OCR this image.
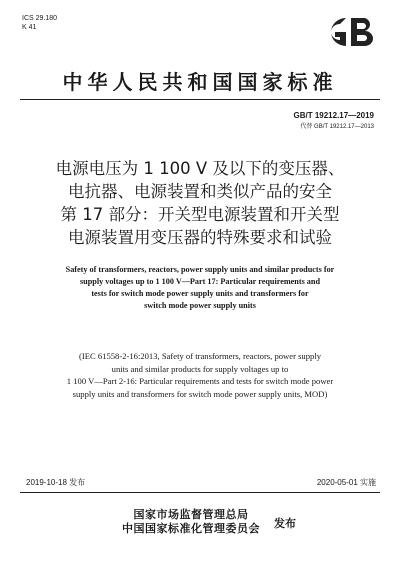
ICS 29.180
K 41
中华人民共和国国家标准
GB/T 19212.17—2019
代替 GB/T 19212.17—2013
电源电压为 1 100 V 及以下的变压器、
电抗器、电源装置和类似产品的安全
第 17 部分：开关型电源装置和开关型
电源装置用变压器的特殊要求和试验
Safety of transformers, reactors, power supply units and similar products for
supply voltages up to 1 100 V—Part 17: Particular requirements and
tests for switch mode power supply units and transformers for
switch mode power supply units
(IEC 61558-2-16:2013, Safety of transformers, reactors, power supply
units and similar products for supply voltages up to
1 100 V—Part 2-16: Particular requirements and tests for switch mode power
supply units and transformers for switch mode power supply units, MOD)
2019-10-18 发布	2020-05-01 实施
国家市场监督管理总局
中国国家标准化管理委员会	发布
